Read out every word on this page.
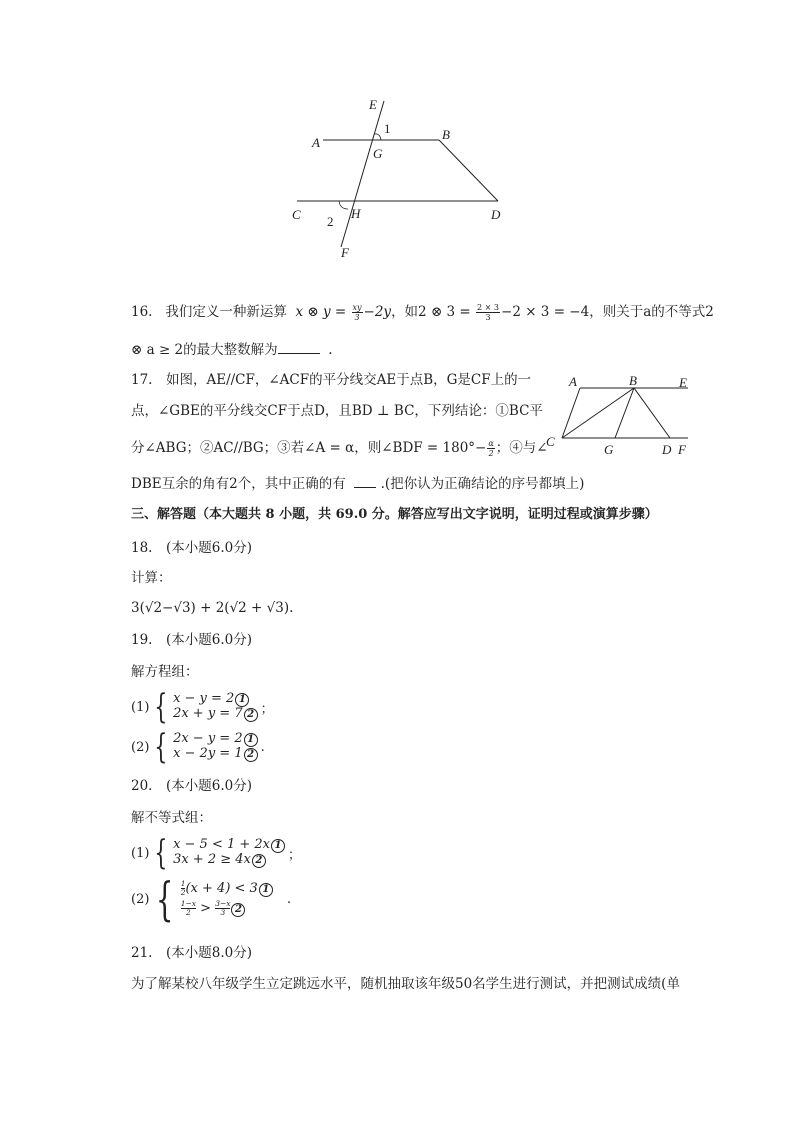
E
1
A
B
G
C	H	D
2
F
16. 我们定义一种新运算 x ⊗ $y = \frac{xy}{3} -2y$，如2 ⊗ $3 = \frac{2 \times 3}{3} -2 \times 3 = -4$，则关于a的不等式2
⊗ a ≥ 2的最大整数解为	.
A	B	E
C
G	D F
17.　如图，AE//CF，∠ACF的平分线交AE于点B，G是CF上的一
点，∠GBE的平分线交CF于点D，且BD ⊥ BC，下列结论：①BC平
分∠ABG；②AC//BG；③若∠A = α，则∠BDF = $180^\circ- \frac{\alpha}{2}$ ；④与∠
DBE互余的角有2个，其中正确的有	.(把你认为正确结论的序号都填上)
三、解答题（本大题共 8 小题，共 69.0 分。解答应写出文字说明，证明过程或演算步骤）
18.　(本小题6.0分)
计算：
3(√2−√3) + 2(√2 + √3).
19.　(本小题6.0分)
解方程组：
(1) { x − y = 2 1
2x + y = 7 2 ；
(2) { 2x − y = 2 1
x − 2y = 1 2 .
20.　(本小题6.0分)
解不等式组：
(1) { x − 5 < 1 + 2x 1
3x + 2 ≥ 4x 2	；
(2) { $\frac{1}{2}(x + 4) < 3$ 1
$\frac{1-x}{2} > \frac{3-x}{3} 2$
.
21.　(本小题8.0分)
为了解某校八年级学生立定跳远水平，随机抽取该年级50名学生进行测试，并把测试成绩(单
